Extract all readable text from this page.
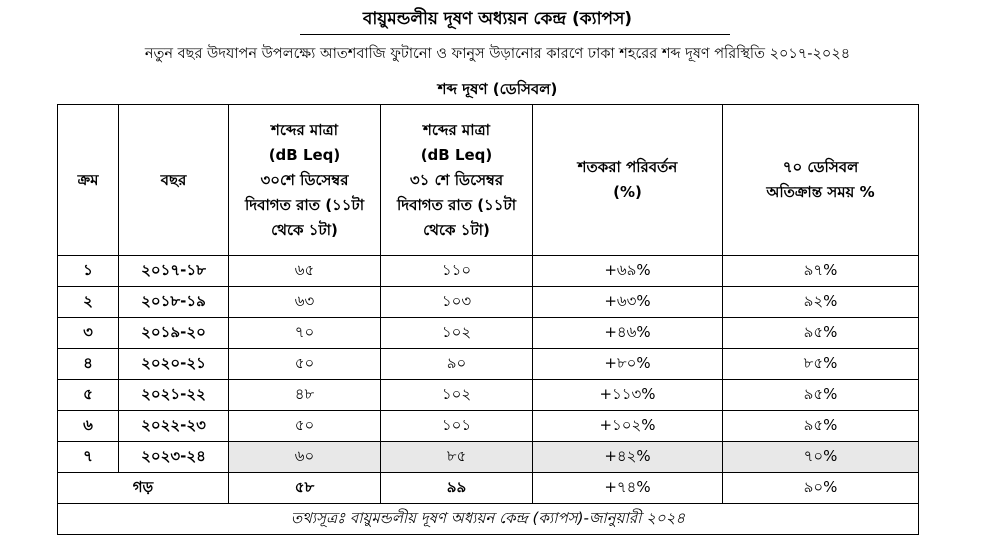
বায়ুমন্ডলীয় দূষণ অধ্যয়ন কেন্দ্র (ক্যাপস)
নতুন বছর উদযাপন উপলক্ষ্যে আতশবাজি ফুটানো ও ফানুস উড়ানোর কারণে ঢাকা শহরের শব্দ দূষণ পরিস্থিতি ২০১৭-২০২৪
শব্দ দূষণ (ডেসিবল)
ক্রম	বছর	শব্দের মাত্রা
(dB Leq)
৩০শে ডিসেম্বর
দিবাগত রাত (১১টা
থেকে ১টা)	শব্দের মাত্রা
(dB Leq)
৩১ শে ডিসেম্বর
দিবাগত রাত (১১টা
থেকে ১টা)	শতকরা পরিবর্তন
(%)	৭০ ডেসিবল
অতিক্রান্ত সময় %
১	২০১৭-১৮	৬৫	১১০	+৬৯%	৯৭%
২	২০১৮-১৯	৬৩	১০৩	+৬৩%	৯২%
৩	২০১৯-২০	৭০	১০২	+৪৬%	৯৫%
৪	২০২০-২১	৫০	৯০	+৮০%	৮৫%
৫	২০২১-২২	৪৮	১০২	+১১৩%	৯৫%
৬	২০২২-২৩	৫০	১০১	+১০২%	৯৫%
৭	২০২৩-২৪	৬০	৮৫	+৪২%	৭০%
গড়		৫৮	৯৯	+৭৪%	৯০%
তথ্যসূত্রঃ বায়ুমন্ডলীয় দূষণ অধ্যয়ন কেন্দ্র (ক্যাপস)-জানুয়ারী ২০২৪					
